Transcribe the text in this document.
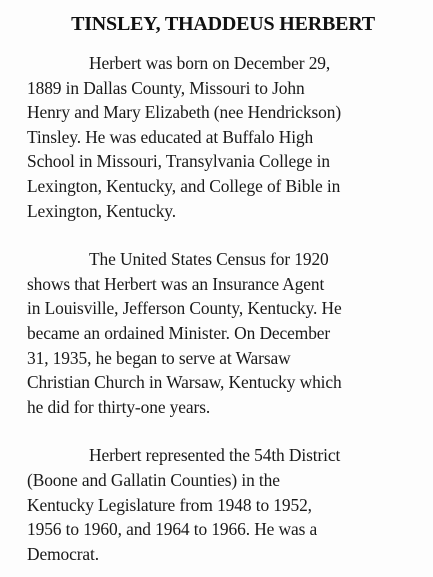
TINSLEY, THADDEUS HERBERT
Herbert was born on December 29,
1889 in Dallas County, Missouri to John
Henry and Mary Elizabeth (nee Hendrickson)
Tinsley. He was educated at Buffalo High
School in Missouri, Transylvania College in
Lexington, Kentucky, and College of Bible in
Lexington, Kentucky.
The United States Census for 1920
shows that Herbert was an Insurance Agent
in Louisville, Jefferson County, Kentucky. He
became an ordained Minister. On December
31, 1935, he began to serve at Warsaw
Christian Church in Warsaw, Kentucky which
he did for thirty-one years.
Herbert represented the 54th District
(Boone and Gallatin Counties) in the
Kentucky Legislature from 1948 to 1952,
1956 to 1960, and 1964 to 1966. He was a
Democrat.
